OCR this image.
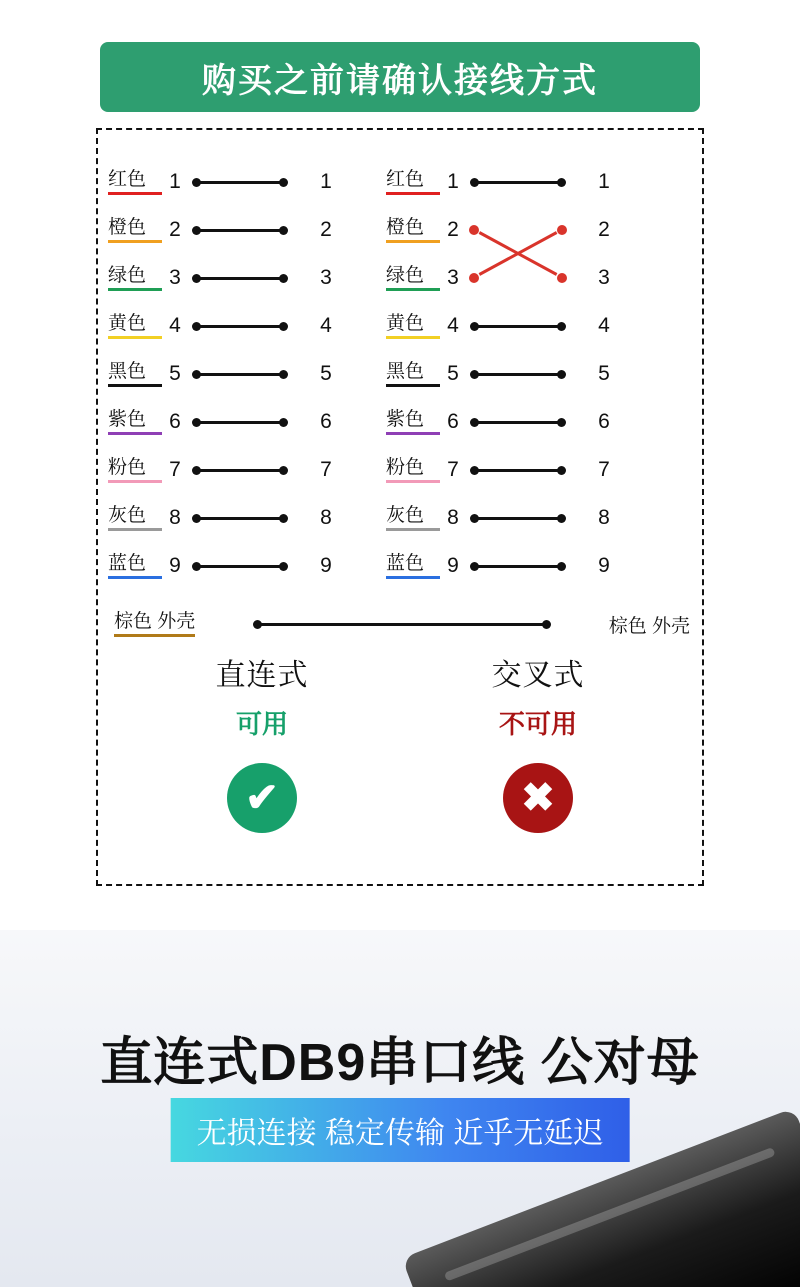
购买之前请确认接线方式
红色	1	1
橙色	2	2
绿色	3	3
黄色	4	4
黑色	5	5
紫色	6	6
粉色	7	7
灰色	8	8
蓝色	9	9
红色	1	1
橙色	2	2
绿色	3	3
黄色	4	4
黑色	5	5
紫色	6	6
粉色	7	7
灰色	8	8
蓝色	9	9
棕色 外壳	棕色 外壳
直连式
可用
✔
交叉式
不可用
✖
直连式DB9串口线 公对母
无损连接 稳定传输 近乎无延迟
